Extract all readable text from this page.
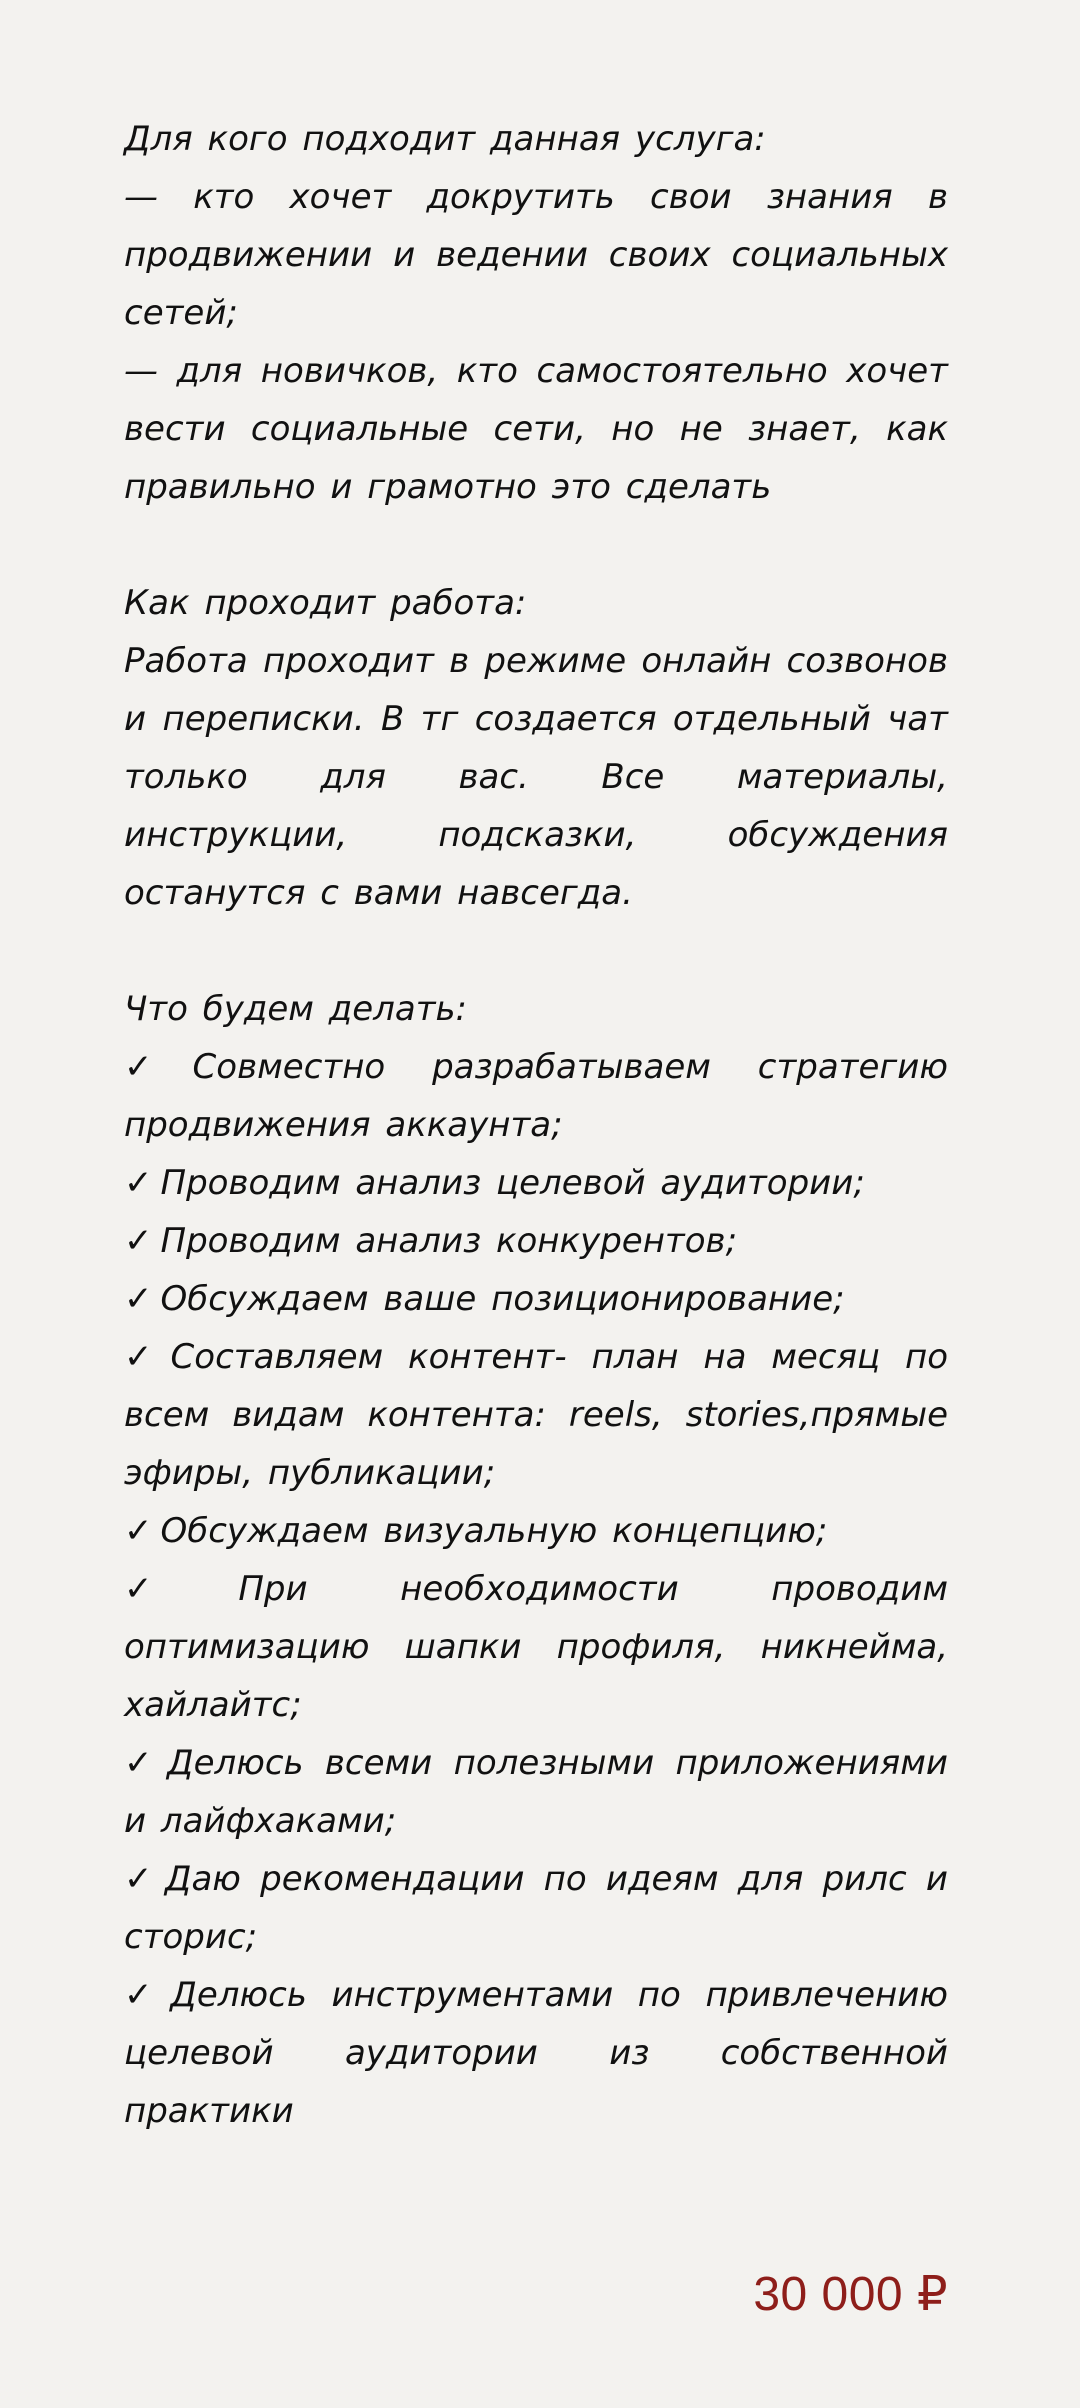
Для кого подходит данная услуга:
— кто хочет докрутить свои знания в продвижении и ведении своих социальных сетей;
— для новичков, кто самостоятельно хочет вести социальные сети, но не знает, как правильно и грамотно это сделать

Как проходит работа:
Работа проходит в режиме онлайн созвонов и переписки. В тг создается отдельный чат только для вас. Все материалы, инструкции, подсказки, обсуждения останутся с вами навсегда.

Что будем делать:
✓ Совместно разрабатываем стратегию продвижения аккаунта;
✓ Проводим анализ целевой аудитории;
✓ Проводим анализ конкурентов;
✓ Обсуждаем ваше позиционирование;
✓ Составляем контент- план на месяц по всем видам контента: reels, stories,прямые эфиры, публикации;
✓ Обсуждаем визуальную концепцию;
✓ При необходимости проводим оптимизацию шапки профиля, никнейма, хайлайтс;
✓ Делюсь всеми полезными приложениями и лайфхаками;
✓ Даю рекомендации по идеям для рилс и сторис;
✓ Делюсь инструментами по привлечению целевой аудитории из собственной практики

30 000 ₽
